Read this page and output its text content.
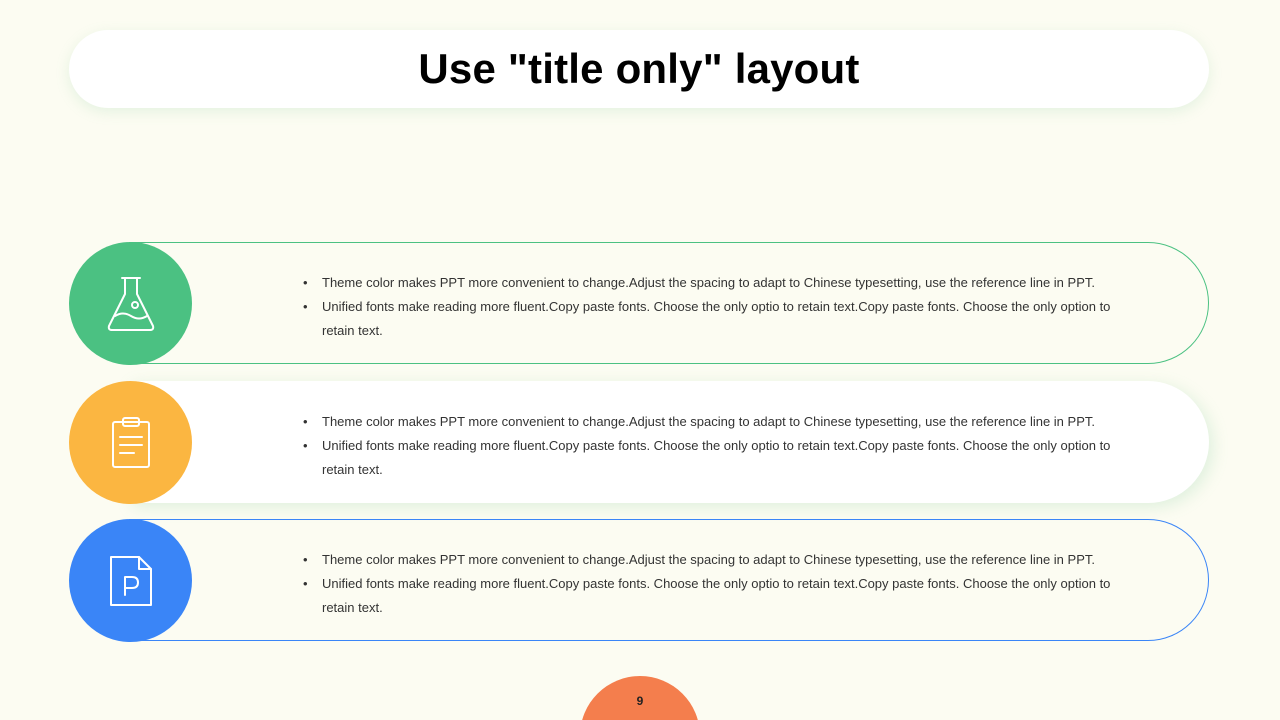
Use "title only" layout
• Theme color makes PPT more convenient to change.Adjust the spacing to adapt to Chinese typesetting, use the reference line in PPT.
• Unified fonts make reading more fluent.Copy paste fonts. Choose the only optio to retain text.Copy paste fonts. Choose the only option to retain text.
• Theme color makes PPT more convenient to change.Adjust the spacing to adapt to Chinese typesetting, use the reference line in PPT.
• Unified fonts make reading more fluent.Copy paste fonts. Choose the only optio to retain text.Copy paste fonts. Choose the only option to retain text.
• Theme color makes PPT more convenient to change.Adjust the spacing to adapt to Chinese typesetting, use the reference line in PPT.
• Unified fonts make reading more fluent.Copy paste fonts. Choose the only optio to retain text.Copy paste fonts. Choose the only option to retain text.
9
